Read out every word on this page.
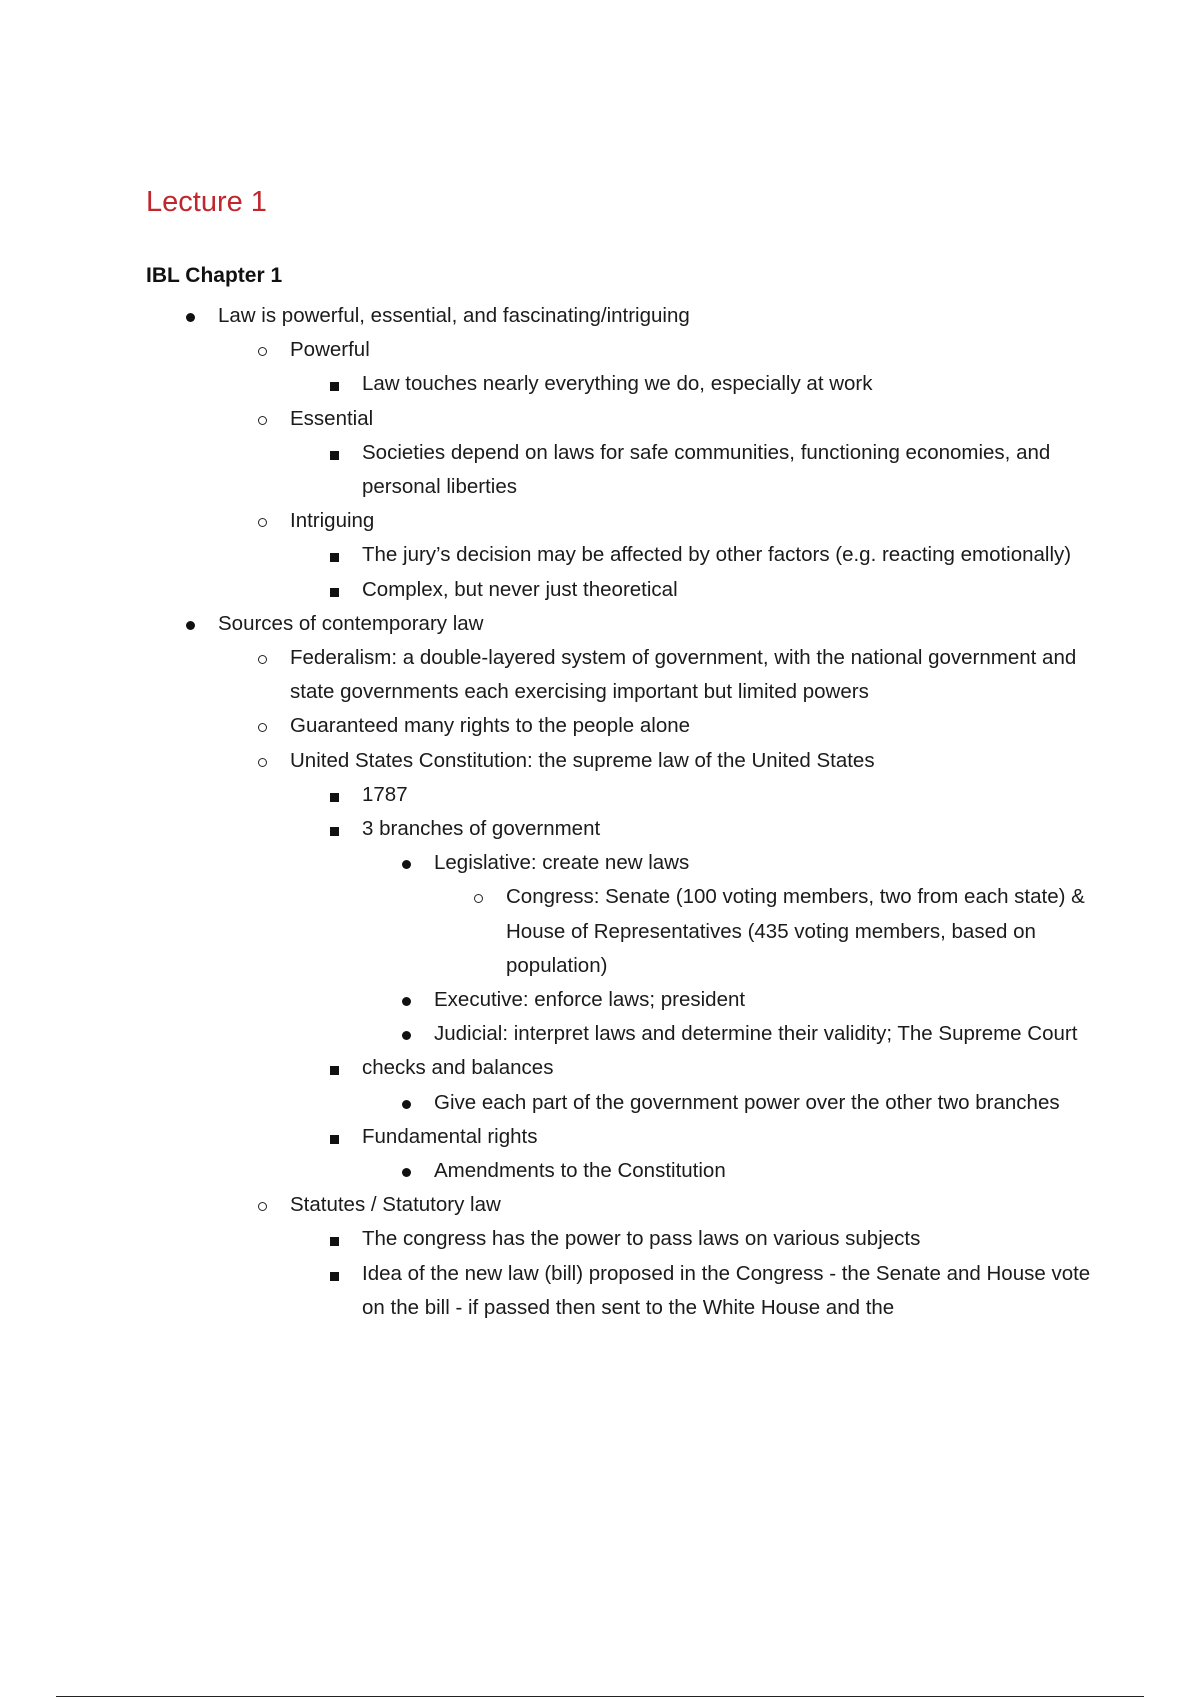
Lecture 1
IBL Chapter 1
Law is powerful, essential, and fascinating/intriguing
Powerful
Law touches nearly everything we do, especially at work
Essential
Societies depend on laws for safe communities, functioning economies, and personal liberties
Intriguing
The jury’s decision may be affected by other factors (e.g. reacting emotionally)
Complex, but never just theoretical
Sources of contemporary law
Federalism: a double-layered system of government, with the national government and state governments each exercising important but limited powers
Guaranteed many rights to the people alone
United States Constitution: the supreme law of the United States
1787
3 branches of government
Legislative: create new laws
Congress: Senate (100 voting members, two from each state) & House of Representatives (435 voting members, based on population)
Executive: enforce laws; president
Judicial: interpret laws and determine their validity; The Supreme Court
checks and balances
Give each part of the government power over the other two branches
Fundamental rights
Amendments to the Constitution
Statutes / Statutory law
The congress has the power to pass laws on various subjects
Idea of the new law (bill) proposed in the Congress - the Senate and House vote on the bill - if passed then sent to the White House and the
